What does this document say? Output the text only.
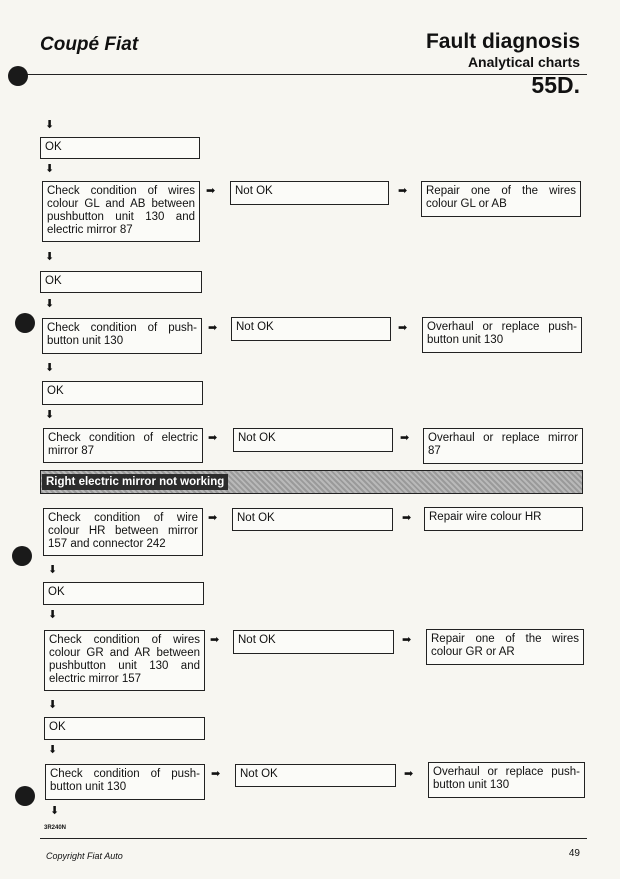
Coupé Fiat	Fault diagnosis
Analytical charts
55D.
⬇
OK
⬇
Check condition of wires colour GL and AB between pushbutton unit 130 and electric mirror 87
➡	Not OK	➡	Repair one of the wires colour GL or AB
⬇
OK
⬇
Check condition of push-button unit 130
➡	Not OK	➡	Overhaul or replace push-button unit 130
⬇
OK
⬇
Check condition of electric mirror 87
➡	Not OK	➡	Overhaul or replace mirror 87
Right electric mirror not working
Check condition of wire colour HR between mirror 157 and connector 242
➡	Not OK	➡	Repair wire colour HR
⬇
OK
⬇
Check condition of wires colour GR and AR between pushbutton unit 130 and electric mirror 157
➡	Not OK	➡	Repair one of the wires colour GR or AR
⬇
OK
⬇
Check condition of push-button unit 130
➡	Not OK	➡	Overhaul or replace push-button unit 130
⬇
3R240N
Copyright Fiat Auto	49
